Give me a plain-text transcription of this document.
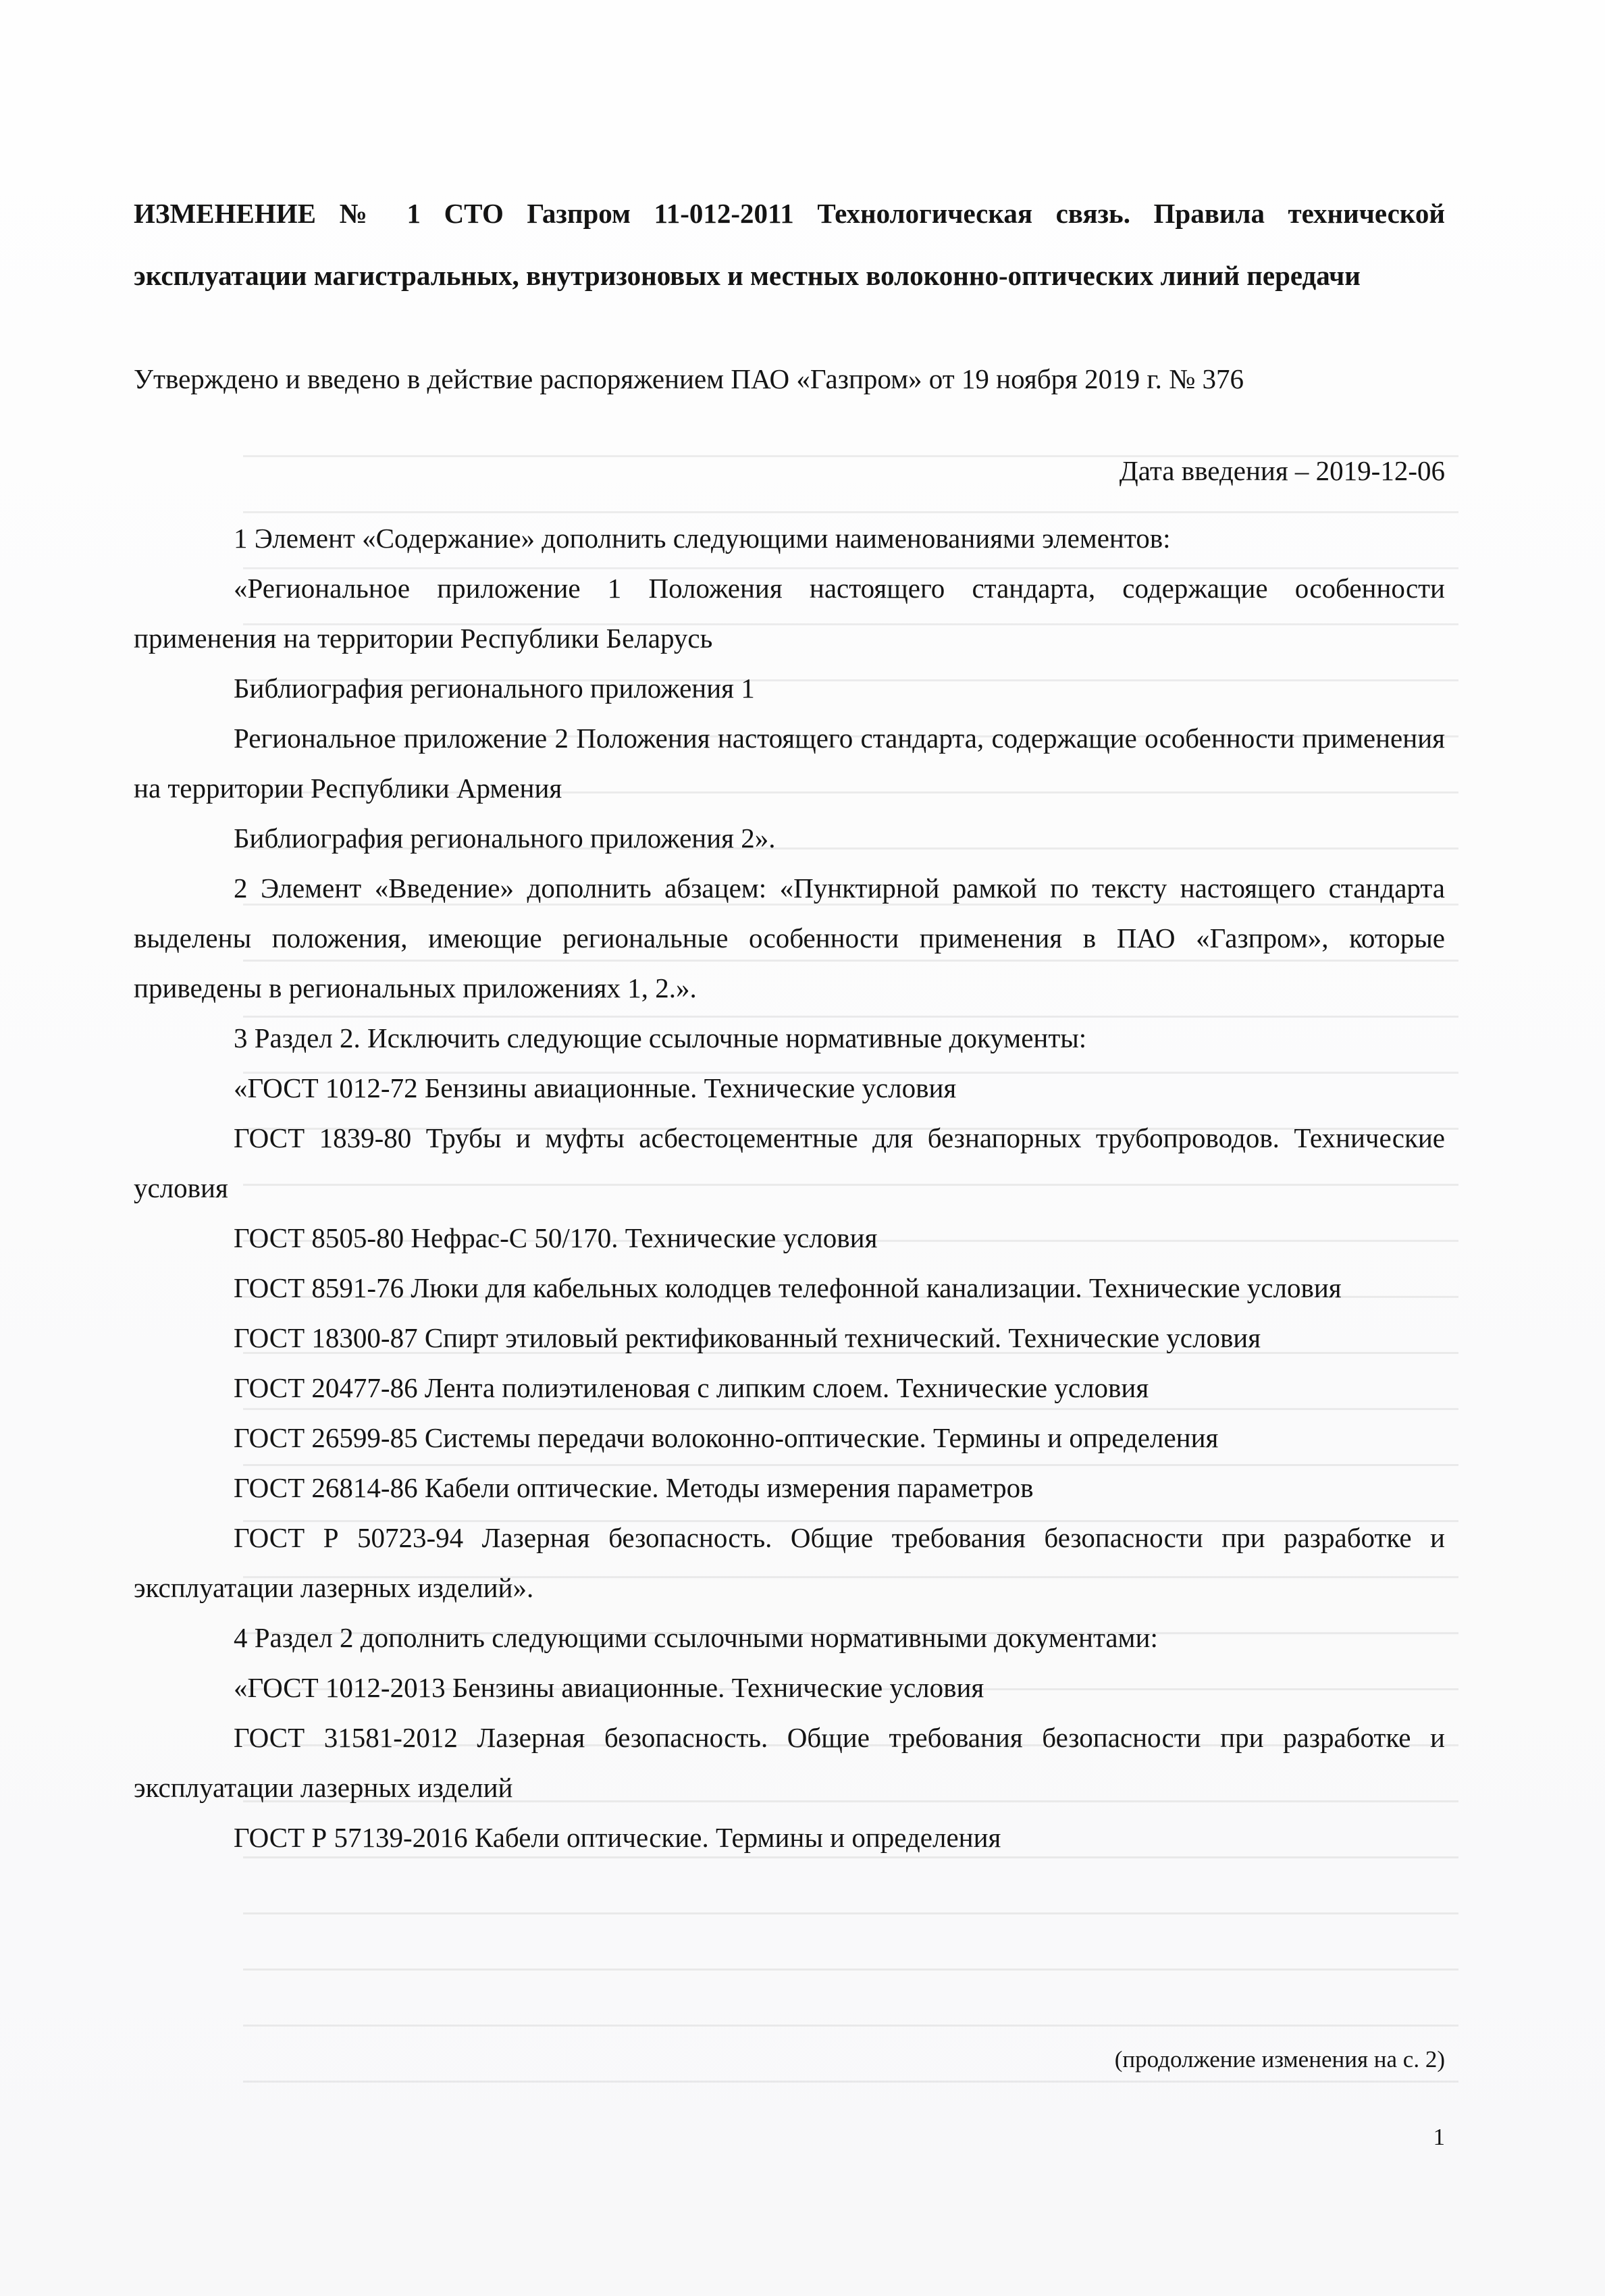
ИЗМЕНЕНИЕ № 1 СТО Газпром 11-012-2011 Технологическая связь. Правила технической
эксплуатации магистральных, внутризоновых и местных волоконно-оптических линий передачи
Утверждено и введено в действие распоряжением ПАО «Газпром» от 19 ноября 2019 г. № 376
Дата введения – 2019-12-06

1 Элемент «Содержание» дополнить следующими наименованиями элементов:

«Региональное приложение 1 Положения настоящего стандарта, содержащие особенности применения на территории Республики Беларусь

Библиография регионального приложения 1

Региональное приложение 2 Положения настоящего стандарта, содержащие особенности применения на территории Республики Армения

Библиография регионального приложения 2».

2 Элемент «Введение» дополнить абзацем: «Пунктирной рамкой по тексту настоящего стандарта выделены положения, имеющие региональные особенности применения в ПАО «Газпром», которые приведены в региональных приложениях 1, 2.».

3 Раздел 2. Исключить следующие ссылочные нормативные документы:

«ГОСТ 1012-72 Бензины авиационные. Технические условия

ГОСТ 1839-80 Трубы и муфты асбестоцементные для безнапорных трубопроводов. Технические условия

ГОСТ 8505-80 Нефрас-С 50/170. Технические условия

ГОСТ 8591-76 Люки для кабельных колодцев телефонной канализации. Технические условия

ГОСТ 18300-87 Спирт этиловый ректификованный технический. Технические условия

ГОСТ 20477-86 Лента полиэтиленовая с липким слоем. Технические условия

ГОСТ 26599-85 Системы передачи волоконно-оптические. Термины и определения

ГОСТ 26814-86 Кабели оптические. Методы измерения параметров

ГОСТ Р 50723-94 Лазерная безопасность. Общие требования безопасности при разработке и эксплуатации лазерных изделий».

4 Раздел 2 дополнить следующими ссылочными нормативными документами:

«ГОСТ 1012-2013 Бензины авиационные. Технические условия

ГОСТ 31581-2012 Лазерная безопасность. Общие требования безопасности при разработке и эксплуатации лазерных изделий

ГОСТ Р 57139-2016 Кабели оптические. Термины и определения

(продолжение изменения на с. 2)
1
